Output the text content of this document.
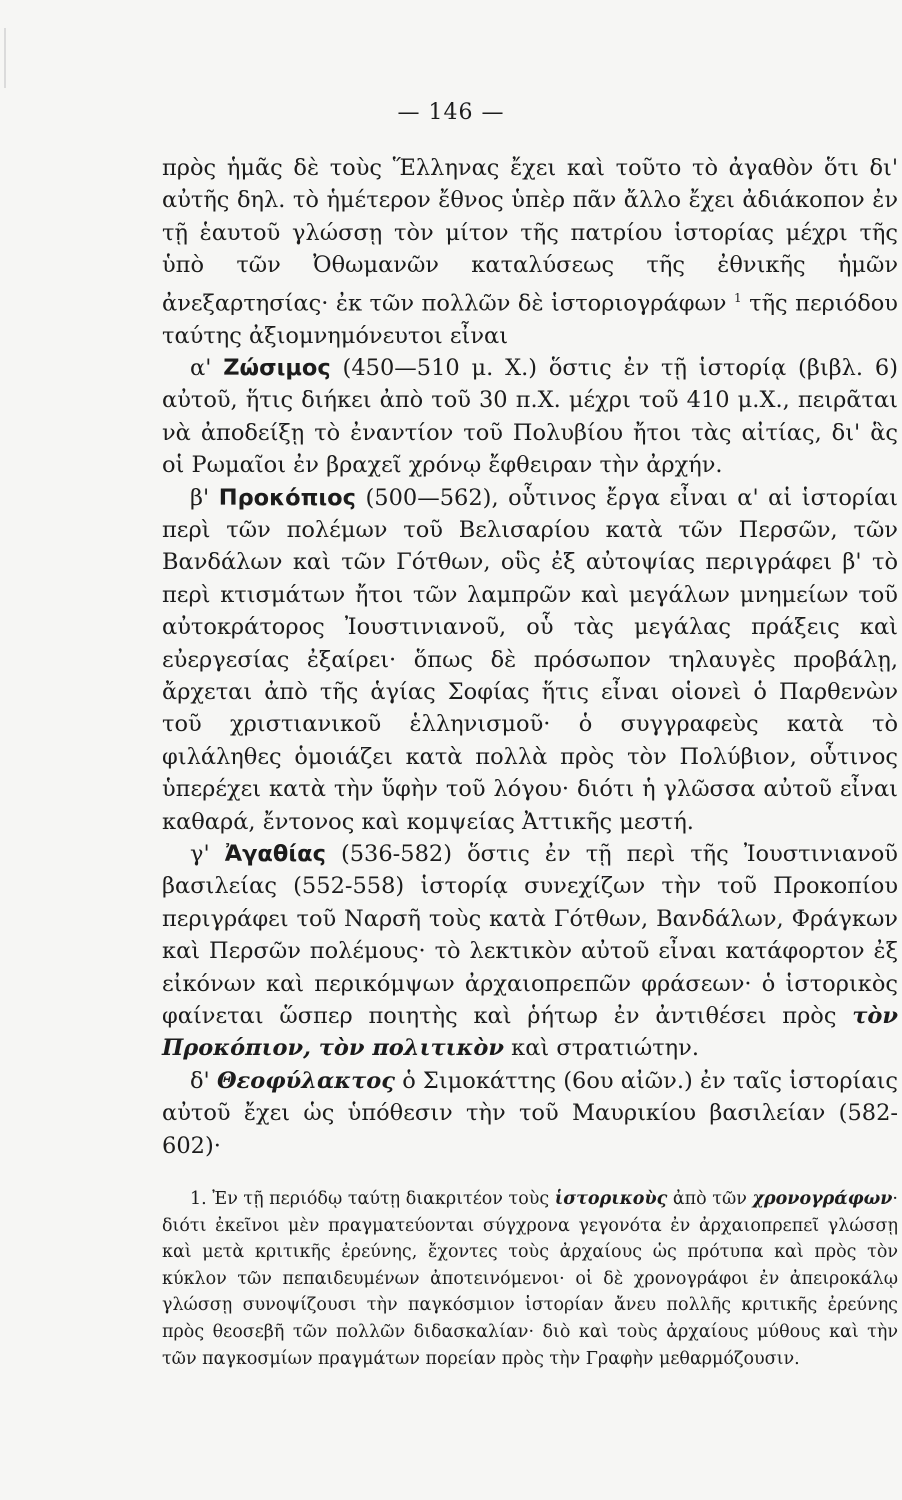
— 146 —

πρὸς ἡμᾶς δὲ τοὺς Ἕλληνας ἔχει καὶ τοῦτο τὸ ἀγαθὸν ὅτι δι' αὐτῆς δηλ. τὸ ἡμέτερον ἔθνος ὑπὲρ πᾶν ἄλλο ἔχει ἀδιάκοπον ἐν τῇ ἑαυτοῦ γλώσσῃ τὸν μίτον τῆς πατρίου ἱστορίας μέχρι τῆς ὑπὸ τῶν Ὀθωμανῶν καταλύσεως τῆς ἐθνικῆς ἡμῶν ἀνεξαρτησίας· ἐκ τῶν πολλῶν δὲ ἱστοριογράφων $^1$ τῆς περιόδου ταύτης ἀξιομνημόνευτοι εἶναι

α' Ζώσιμος (450—510 μ. Χ.) ὅστις ἐν τῇ ἱστορίᾳ (βιβλ. 6) αὐτοῦ, ἥτις διήκει ἀπὸ τοῦ 30 π.Χ. μέχρι τοῦ 410 μ.Χ., πειρᾶται νὰ ἀποδείξῃ τὸ ἐναντίον τοῦ Πολυβίου ἤτοι τὰς αἰτίας, δι' ἃς οἱ Ρωμαῖοι ἐν βραχεῖ χρόνῳ ἔφθειραν τὴν ἀρχήν.

β' Προκόπιος (500—562), οὗτινος ἔργα εἶναι α' αἱ ἱστορίαι περὶ τῶν πολέμων τοῦ Βελισαρίου κατὰ τῶν Περσῶν, τῶν Βανδάλων καὶ τῶν Γότθων, οὓς ἐξ αὐτοψίας περιγράφει β' τὸ περὶ κτισμάτων ἤτοι τῶν λαμπρῶν καὶ μεγάλων μνημείων τοῦ αὐτοκράτορος Ἰουστινιανοῦ, οὗ τὰς μεγάλας πράξεις καὶ εὐεργεσίας ἐξαίρει· ὅπως δὲ πρόσωπον τηλαυγὲς προβάλῃ, ἄρχεται ἀπὸ τῆς ἁγίας Σοφίας ἥτις εἶναι οἱονεὶ ὁ Παρθενὼν τοῦ χριστιανικοῦ ἑλληνισμοῦ· ὁ συγγραφεὺς κατὰ τὸ φιλάληθες ὁμοιάζει κατὰ πολλὰ πρὸς τὸν Πολύβιον, οὗτινος ὑπερέχει κατὰ τὴν ὕφὴν τοῦ λόγου· διότι ἡ γλῶσσα αὐτοῦ εἶναι καθαρά, ἔντονος καὶ κομψείας Ἀττικῆς μεστή.

γ' Ἀγαθίας (536-582) ὅστις ἐν τῇ περὶ τῆς Ἰουστινιανοῦ βασιλείας (552-558) ἱστορίᾳ συνεχίζων τὴν τοῦ Προκοπίου περιγράφει τοῦ Ναρσῆ τοὺς κατὰ Γότθων, Βανδάλων, Φράγκων καὶ Περσῶν πολέμους· τὸ λεκτικὸν αὐτοῦ εἶναι κατάφορτον ἐξ εἰκόνων καὶ περικόμψων ἀρχαιοπρεπῶν φράσεων· ὁ ἱστορικὸς φαίνεται ὥσπερ ποιητὴς καὶ ῥήτωρ ἐν ἀντιθέσει πρὸς τὸν Προκόπιον, τὸν πολιτικὸν καὶ στρατιώτην.

δ' Θεοφύλακτος ὁ Σιμοκάττης (6ου αἰῶν.) ἐν ταῖς ἱστορίαις αὐτοῦ ἔχει ὡς ὑπόθεσιν τὴν τοῦ Μαυρικίου βασιλείαν (582-602)·

1. Ἐν τῇ περιόδῳ ταύτῃ διακριτέον τοὺς ἱστορικοὺς ἀπὸ τῶν χρονογράφων· διότι ἐκεῖνοι μὲν πραγματεύονται σύγχρονα γεγονότα ἐν ἀρχαιοπρεπεῖ γλώσσῃ καὶ μετὰ κριτικῆς ἐρεύνης, ἔχοντες τοὺς ἀρχαίους ὡς πρότυπα καὶ πρὸς τὸν κύκλον τῶν πεπαιδευμένων ἀποτεινόμενοι· οἱ δὲ χρονογράφοι ἐν ἀπειροκάλῳ γλώσσῃ συνοψίζουσι τὴν παγκόσμιον ἱστορίαν ἄνευ πολλῆς κριτικῆς ἐρεύνης πρὸς θεοσεβῆ τῶν πολλῶν διδασκαλίαν· διὸ καὶ τοὺς ἀρχαίους μύθους καὶ τὴν τῶν παγκοσμίων πραγμάτων πορείαν πρὸς τὴν Γραφὴν μεθαρμόζουσιν.
